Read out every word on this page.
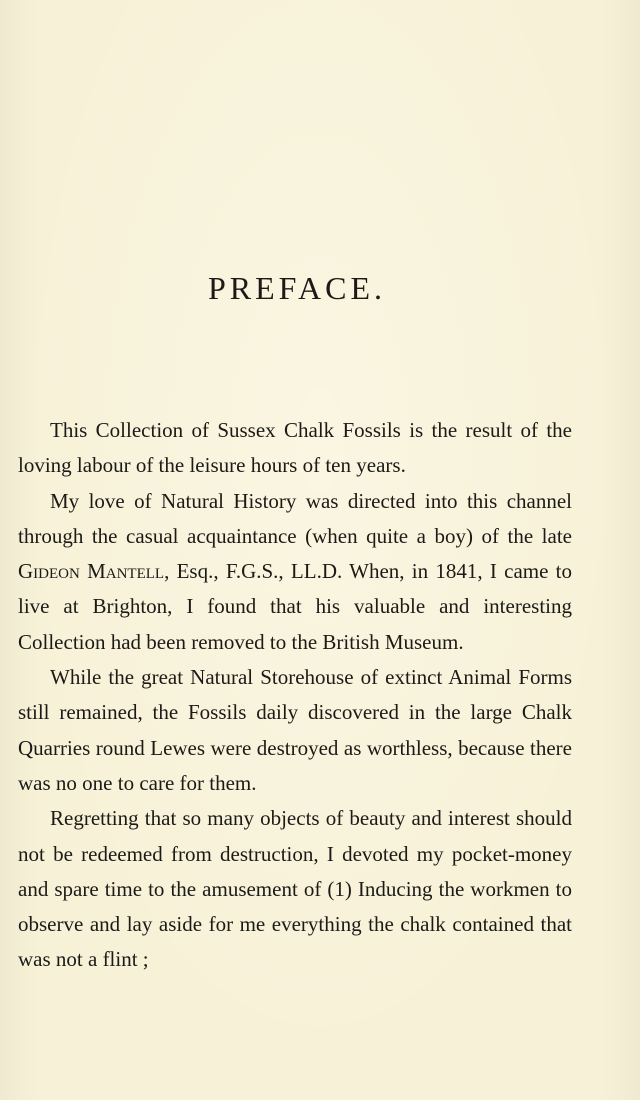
PREFACE.

This Collection of Sussex Chalk Fossils is the result of the loving labour of the leisure hours of ten years.

My love of Natural History was directed into this channel through the casual acquaintance (when quite a boy) of the late Gideon Mantell, Esq., F.G.S., LL.D. When, in 1841, I came to live at Brighton, I found that his valuable and interesting Collection had been removed to the British Museum.

While the great Natural Storehouse of extinct Animal Forms still remained, the Fossils daily discovered in the large Chalk Quarries round Lewes were destroyed as worthless, because there was no one to care for them.

Regretting that so many objects of beauty and interest should not be redeemed from destruction, I devoted my pocket-money and spare time to the amusement of (1) Inducing the workmen to observe and lay aside for me everything the chalk contained that was not a flint ;
